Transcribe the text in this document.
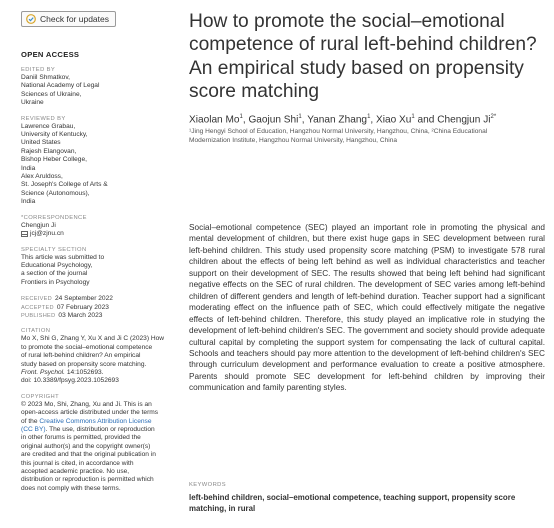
Check for updates
OPEN ACCESS
EDITED BY
Daniil Shmatkov,
National Academy of Legal
Sciences of Ukraine,
Ukraine
REVIEWED BY
Lawrence Grabau,
University of Kentucky,
United States
Rajesh Elangovan,
Bishop Heber College,
India
Alex Aruldoss,
St. Joseph's College of Arts &
Science (Autonomous),
India
*CORRESPONDENCE
Chengjun Ji
jcj@zjnu.cn
SPECIALTY SECTION
This article was submitted to
Educational Psychology,
a section of the journal
Frontiers in Psychology
RECEIVED 24 September 2022
ACCEPTED 07 February 2023
PUBLISHED 03 March 2023
CITATION
Mo X, Shi G, Zhang Y, Xu X and Ji C (2023) How
to promote the social–emotional competence
of rural left-behind children? An empirical
study based on propensity score matching.
Front. Psychol. 14:1052693.
doi: 10.3389/fpsyg.2023.1052693
COPYRIGHT
© 2023 Mo, Shi, Zhang, Xu and Ji. This is an
open-access article distributed under the terms
of the Creative Commons Attribution License
(CC BY). The use, distribution or reproduction
in other forums is permitted, provided the
original author(s) and the copyright owner(s)
are credited and that the original publication in
this journal is cited, in accordance with
accepted academic practice. No use,
distribution or reproduction is permitted which
does not comply with these terms.
How to promote the social–emotional competence of rural left-behind children? An empirical study based on propensity score matching
Xiaolan Mo$^1$, Gaojun Shi$^1$, Yanan Zhang$^1$, Xiao Xu$^1$ and Chengjun $Ji^{2*}$
¹Jing Hengyi School of Education, Hangzhou Normal University, Hangzhou, China, ²China Educational
Modernization Institute, Hangzhou Normal University, Hangzhou, China
Social–emotional competence (SEC) played an important role in promoting the physical and mental development of children, but there exist huge gaps in SEC development between rural left-behind children. This study used propensity score matching (PSM) to investigate 578 rural children about the effects of being left behind as well as individual characteristics and teacher support on their development of SEC. The results showed that being left behind had significant negative effects on the SEC of rural children. The development of SEC varies among left-behind children of different genders and length of left-behind duration. Teacher support had a significant moderating effect on the influence path of SEC, which could effectively mitigate the negative effects of left-behind children. Therefore, this study played an implicative role in studying the development of left-behind children's SEC. The government and society should provide adequate cultural capital by completing the support system for compensating the lack of cultural capital. Schools and teachers should pay more attention to the development of left-behind children's SEC through curriculum development and performance evaluation to create a positive atmosphere. Parents should promote SEC development for left-behind children by improving their communication and family parenting styles.
KEYWORDS
left-behind children, social–emotional competence, teaching support, propensity score matching, in rural
